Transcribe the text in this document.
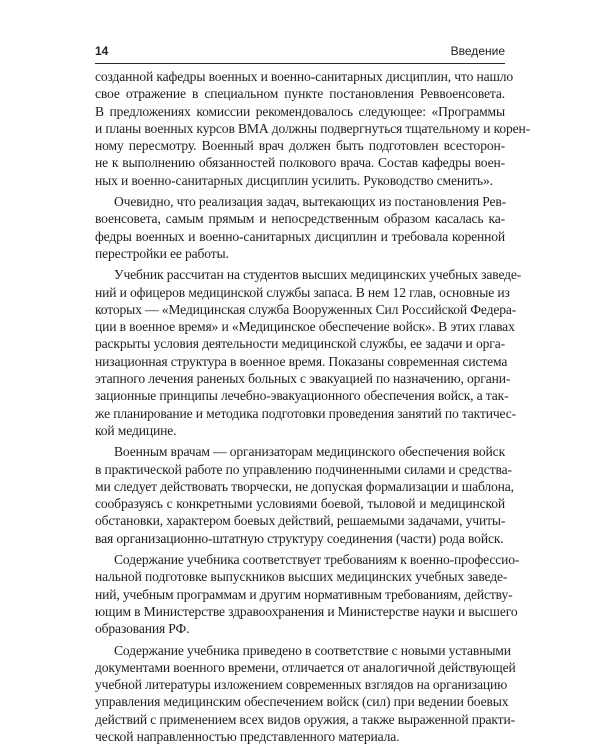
14	Введение

созданной кафедры военных и военно-санитарных дисциплин, что нашло
свое отражение в специальном пункте постановления Реввоенсовета.
В предложениях комиссии рекомендовалось следующее: «Программы
и планы военных курсов ВМА должны подвергнуться тщательному и корен-
ному пересмотру. Военный врач должен быть подготовлен всесторон-
не к выполнению обязанностей полкового врача. Состав кафедры воен-
ных и военно-санитарных дисциплин усилить. Руководство сменить».

Очевидно, что реализация задач, вытекающих из постановления Рев-
военсовета, самым прямым и непосредственным образом касалась ка-
федры военных и военно-санитарных дисциплин и требовала коренной
перестройки ее работы.

Учебник рассчитан на студентов высших медицинских учебных заведе-
ний и офицеров медицинской службы запаса. В нем 12 глав, основные из
которых — «Медицинская служба Вооруженных Сил Российской Федера-
ции в военное время» и «Медицинское обеспечение войск». В этих главах
раскрыты условия деятельности медицинской службы, ее задачи и орга-
низационная структура в военное время. Показаны современная система
этапного лечения раненых больных с эвакуацией по назначению, органи-
зационные принципы лечебно-эвакуационного обеспечения войск, а так-
же планирование и методика подготовки проведения занятий по тактичес-
кой медицине.

Военным врачам — организаторам медицинского обеспечения войск
в практической работе по управлению подчиненными силами и средства-
ми следует действовать творчески, не допуская формализации и шаблона,
сообразуясь с конкретными условиями боевой, тыловой и медицинской
обстановки, характером боевых действий, решаемыми задачами, учиты-
вая организационно-штатную структуру соединения (части) рода войск.

Содержание учебника соответствует требованиям к военно-профессио-
нальной подготовке выпускников высших медицинских учебных заведе-
ний, учебным программам и другим нормативным требованиям, действу-
ющим в Министерстве здравоохранения и Министерстве науки и высшего
образования РФ.

Содержание учебника приведено в соответствие с новыми уставными
документами военного времени, отличается от аналогичной действующей
учебной литературы изложением современных взглядов на организацию
управления медицинским обеспечением войск (сил) при ведении боевых
действий с применением всех видов оружия, а также выраженной практи-
ческой направленностью представленного материала.
